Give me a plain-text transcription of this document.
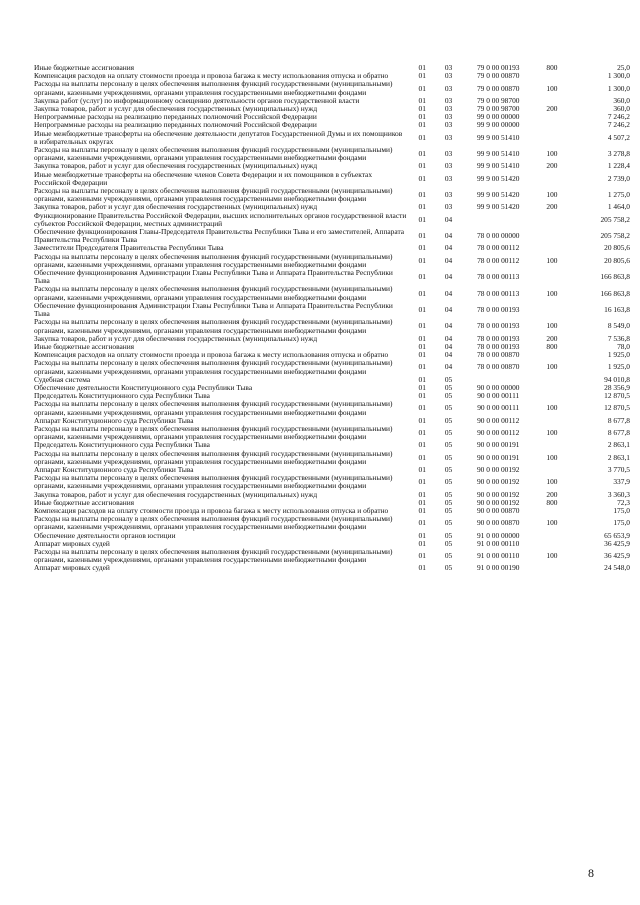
Иные бюджетные ассигнования	01	03	79 0 00 00193	800	25,0
Компенсация расходов на оплату стоимости проезда и провоза багажа к месту использования отпуска и обратно	01	03	79 0 00 00870		1 300,0
Расходы на выплаты персоналу в целях обеспечения выполнения функций государственными (муниципальными) органами, казенными учреждениями, органами управления государственными внебюджетными фондами	01	03	79 0 00 00870	100	1 300,0
Закупка работ (услуг) по информационному освещению деятельности органов государственной власти	01	03	79 0 00 98700		360,0
Закупка товаров, работ и услуг для обеспечения государственных (муниципальных) нужд	01	03	79 0 00 98700	200	360,0
Непрограммные расходы на реализацию переданных полномочий Российской Федерации	01	03	99 0 00 00000		7 246,2
Непрограммные расходы на реализацию переданных полномочий Российской Федерации	01	03	99 9 00 00000		7 246,2
Иные межбюджетные трансферты на обеспечение деятельности депутатов Государственной Думы и их помощников в избирательных округах	01	03	99 9 00 51410		4 507,2
Расходы на выплаты персоналу в целях обеспечения выполнения функций государственными (муниципальными) органами, казенными учреждениями, органами управления государственными внебюджетными фондами	01	03	99 9 00 51410	100	3 278,8
Закупка товаров, работ и услуг для обеспечения государственных (муниципальных) нужд	01	03	99 9 00 51410	200	1 228,4
Иные межбюджетные трансферты на обеспечение членов Совета Федерации и их помощников в субъектах Российской Федерации	01	03	99 9 00 51420		2 739,0
Расходы на выплаты персоналу в целях обеспечения выполнения функций государственными (муниципальными) органами, казенными учреждениями, органами управления государственными внебюджетными фондами	01	03	99 9 00 51420	100	1 275,0
Закупка товаров, работ и услуг для обеспечения государственных (муниципальных) нужд	01	03	99 9 00 51420	200	1 464,0
Функционирование Правительства Российской Федерации, высших исполнительных органов государственной власти субъектов Российской Федерации, местных администраций	01	04			205 758,2
Обеспечение функционирования Главы-Председателя Правительства Республики Тыва и его заместителей, Аппарата Правительства Республики Тыва	01	04	78 0 00 00000		205 758,2
Заместители Председателя Правительства Республики Тыва	01	04	78 0 00 00112		20 805,6
Расходы на выплаты персоналу в целях обеспечения выполнения функций государственными (муниципальными) органами, казенными учреждениями, органами управления государственными внебюджетными фондами	01	04	78 0 00 00112	100	20 805,6
Обеспечение функционирования Администрации Главы Республики Тыва и Аппарата Правительства Республики Тыва	01	04	78 0 00 00113		166 863,8
Расходы на выплаты персоналу в целях обеспечения выполнения функций государственными (муниципальными) органами, казенными учреждениями, органами управления государственными внебюджетными фондами	01	04	78 0 00 00113	100	166 863,8
Обеспечение функционирования Администрации Главы Республики Тыва и Аппарата Правительства Республики Тыва	01	04	78 0 00 00193		16 163,8
Расходы на выплаты персоналу в целях обеспечения выполнения функций государственными (муниципальными) органами, казенными учреждениями, органами управления государственными внебюджетными фондами	01	04	78 0 00 00193	100	8 549,0
Закупка товаров, работ и услуг для обеспечения государственных (муниципальных) нужд	01	04	78 0 00 00193	200	7 536,8
Иные бюджетные ассигнования	01	04	78 0 00 00193	800	78,0
Компенсация расходов на оплату стоимости проезда и провоза багажа к месту использования отпуска и обратно	01	04	78 0 00 00870		1 925,0
Расходы на выплаты персоналу в целях обеспечения выполнения функций государственными (муниципальными) органами, казенными учреждениями, органами управления государственными внебюджетными фондами	01	04	78 0 00 00870	100	1 925,0
Судебная система	01	05			94 010,8
Обеспечение деятельности Конституционного суда Республики Тыва	01	05	90 0 00 00000		28 356,9
Председатель Конституционного суда Республики Тыва	01	05	90 0 00 00111		12 870,5
Расходы на выплаты персоналу в целях обеспечения выполнения функций государственными (муниципальными) органами, казенными учреждениями, органами управления государственными внебюджетными фондами	01	05	90 0 00 00111	100	12 870,5
Аппарат Конституционного суда Республики Тыва	01	05	90 0 00 00112		8 677,8
Расходы на выплаты персоналу в целях обеспечения выполнения функций государственными (муниципальными) органами, казенными учреждениями, органами управления государственными внебюджетными фондами	01	05	90 0 00 00112	100	8 677,8
Председатель Конституционного суда Республики Тыва	01	05	90 0 00 00191		2 863,1
Расходы на выплаты персоналу в целях обеспечения выполнения функций государственными (муниципальными) органами, казенными учреждениями, органами управления государственными внебюджетными фондами	01	05	90 0 00 00191	100	2 863,1
Аппарат Конституционного суда Республики Тыва	01	05	90 0 00 00192		3 770,5
Расходы на выплаты персоналу в целях обеспечения выполнения функций государственными (муниципальными) органами, казенными учреждениями, органами управления государственными внебюджетными фондами	01	05	90 0 00 00192	100	337,9
Закупка товаров, работ и услуг для обеспечения государственных (муниципальных) нужд	01	05	90 0 00 00192	200	3 360,3
Иные бюджетные ассигнования	01	05	90 0 00 00192	800	72,3
Компенсация расходов на оплату стоимости проезда и провоза багажа к месту использования отпуска и обратно	01	05	90 0 00 00870		175,0
Расходы на выплаты персоналу в целях обеспечения выполнения функций государственными (муниципальными) органами, казенными учреждениями, органами управления государственными внебюджетными фондами	01	05	90 0 00 00870	100	175,0
Обеспечение деятельности органов юстиции	01	05	91 0 00 00000		65 653,9
Аппарат мировых судей	01	05	91 0 00 00110		36 425,9
Расходы на выплаты персоналу в целях обеспечения выполнения функций государственными (муниципальными) органами, казенными учреждениями, органами управления государственными внебюджетными фондами	01	05	91 0 00 00110	100	36 425,9
Аппарат мировых судей	01	05	91 0 00 00190		24 548,0
8
